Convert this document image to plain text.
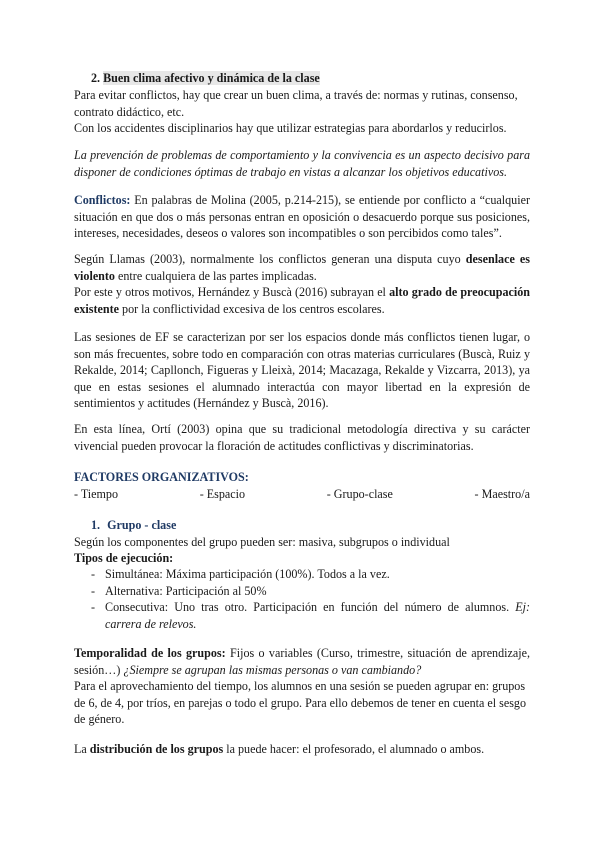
2. Buen clima afectivo y dinámica de la clase
Para evitar conflictos, hay que crear un buen clima, a través de: normas y rutinas, consenso, contrato didáctico, etc.
Con los accidentes disciplinarios hay que utilizar estrategias para abordarlos y reducirlos.
La prevención de problemas de comportamiento y la convivencia es un aspecto decisivo para disponer de condiciones óptimas de trabajo en vistas a alcanzar los objetivos educativos.
Conflictos: En palabras de Molina (2005, p.214-215), se entiende por conflicto a “cualquier situación en que dos o más personas entran en oposición o desacuerdo porque sus posiciones, intereses, necesidades, deseos o valores son incompatibles o son percibidos como tales”.
Según Llamas (2003), normalmente los conflictos generan una disputa cuyo desenlace es violento entre cualquiera de las partes implicadas.
Por este y otros motivos, Hernández y Buscà (2016) subrayan el alto grado de preocupación existente por la conflictividad excesiva de los centros escolares.
Las sesiones de EF se caracterizan por ser los espacios donde más conflictos tienen lugar, o son más frecuentes, sobre todo en comparación con otras materias curriculares (Buscà, Ruiz y Rekalde, 2014; Capllonch, Figueras y Lleixà, 2014; Macazaga, Rekalde y Vizcarra, 2013), ya que en estas sesiones el alumnado interactúa con mayor libertad en la expresión de sentimientos y actitudes (Hernández y Buscà, 2016).
En esta línea, Ortí (2003) opina que su tradicional metodología directiva y su carácter vivencial pueden provocar la floración de actitudes conflictivas y discriminatorias.
FACTORES ORGANIZATIVOS:
- Tiempo	- Espacio	- Grupo-clase	- Maestro/a
1. Grupo - clase
Según los componentes del grupo pueden ser: masiva, subgrupos o individual
Tipos de ejecución:
- Simultánea: Máxima participación (100%). Todos a la vez.
- Alternativa: Participación al 50%
- Consecutiva: Uno tras otro. Participación en función del número de alumnos. Ej: carrera de relevos.
Temporalidad de los grupos: Fijos o variables (Curso, trimestre, situación de aprendizaje, sesión…) ¿Siempre se agrupan las mismas personas o van cambiando?
Para el aprovechamiento del tiempo, los alumnos en una sesión se pueden agrupar en: grupos de 6, de 4, por tríos, en parejas o todo el grupo. Para ello debemos de tener en cuenta el sesgo de género.
La distribución de los grupos la puede hacer: el profesorado, el alumnado o ambos.
